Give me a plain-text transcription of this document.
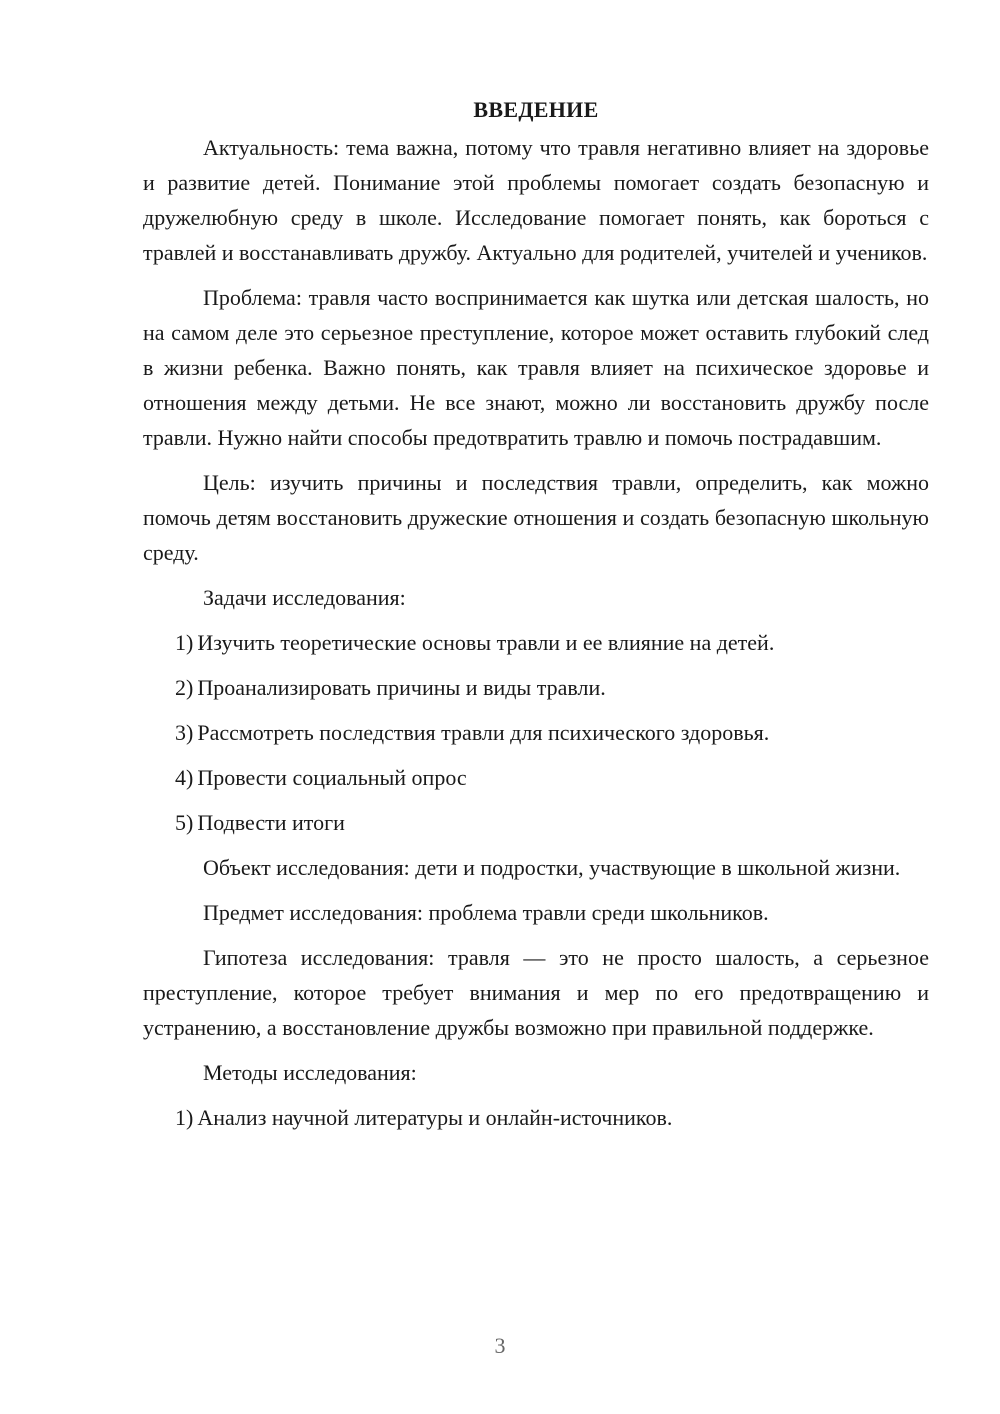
ВВЕДЕНИЕ

Актуальность: тема важна, потому что травля негативно влияет на здоровье и развитие детей. Понимание этой проблемы помогает создать безопасную и дружелюбную среду в школе. Исследование помогает понять, как бороться с травлей и восстанавливать дружбу. Актуально для родителей, учителей и учеников.

Проблема: травля часто воспринимается как шутка или детская шалость, но на самом деле это серьезное преступление, которое может оставить глубокий след в жизни ребенка. Важно понять, как травля влияет на психическое здоровье и отношения между детьми. Не все знают, можно ли восстановить дружбу после травли. Нужно найти способы предотвратить травлю и помочь пострадавшим.

Цель: изучить причины и последствия травли, определить, как можно помочь детям восстановить дружеские отношения и создать безопасную школьную среду.

Задачи исследования:

1) Изучить теоретические основы травли и ее влияние на детей.
2) Проанализировать причины и виды травли.
3) Рассмотреть последствия травли для психического здоровья.
4) Провести социальный опрос
5) Подвести итоги

Объект исследования: дети и подростки, участвующие в школьной жизни.

Предмет исследования: проблема травли среди школьников.

Гипотеза исследования: травля — это не просто шалость, а серьезное преступление, которое требует внимания и мер по его предотвращению и устранению, а восстановление дружбы возможно при правильной поддержке.

Методы исследования:

1) Анализ научной литературы и онлайн-источников.
3
